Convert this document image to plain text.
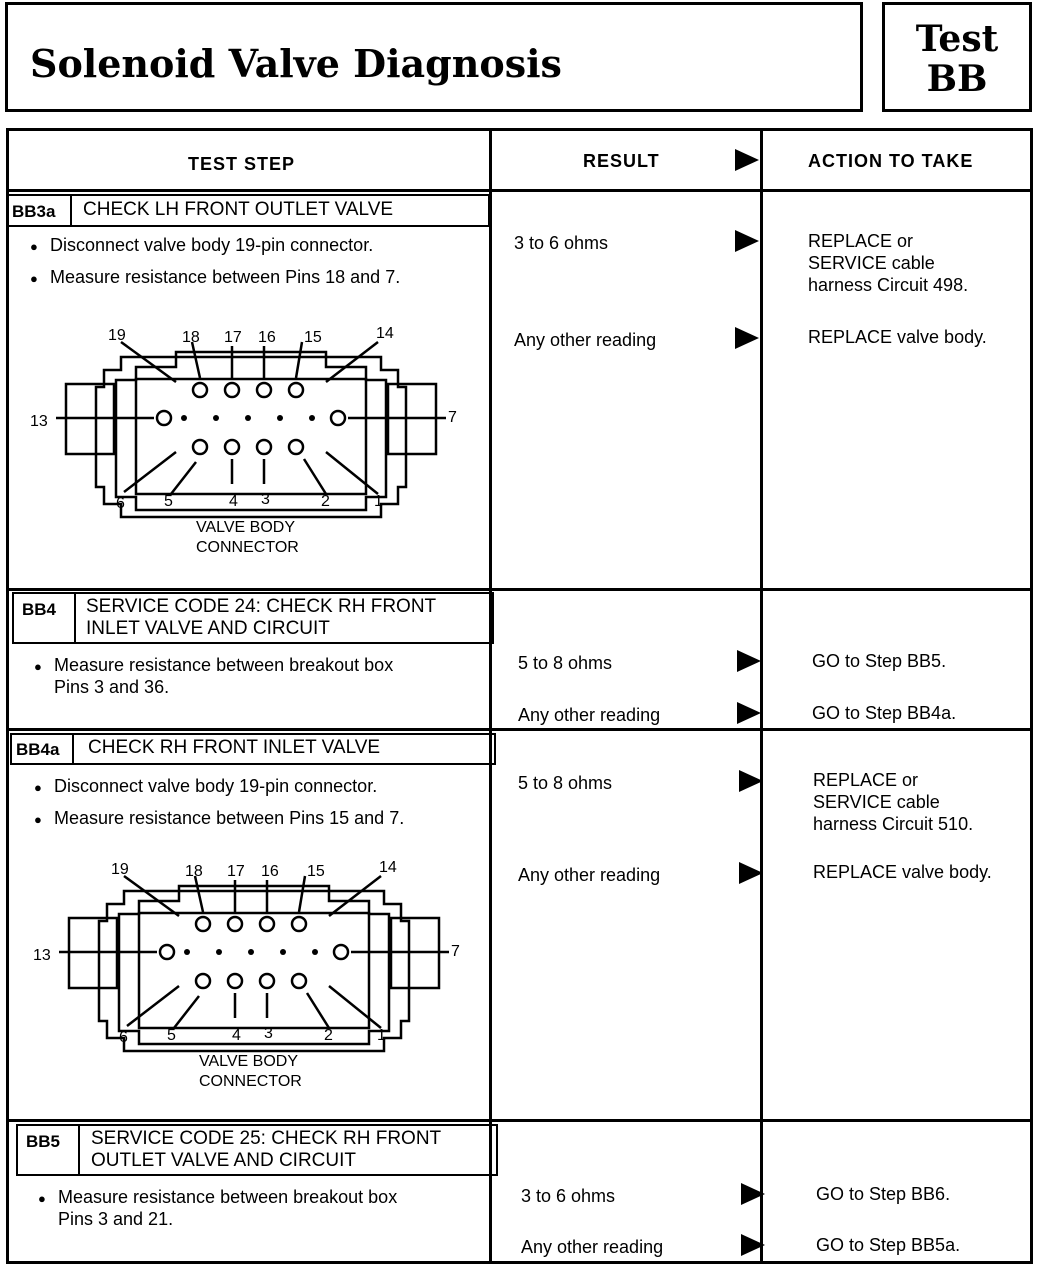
Solenoid Valve Diagnosis
Test
BB
TEST STEP	RESULT	ACTION TO TAKE
BB3a CHECK LH FRONT OUTLET VALVE
● Disconnect valve body 19-pin connector.
● Measure resistance between Pins 18 and 7.
19	18 17 16 15	14
13	7
6 5	4 3	2	1
VALVE BODY
CONNECTOR
3 to 6 ohms	REPLACE or
SERVICE cable
harness Circuit 498.
Any other reading	REPLACE valve body.
BB4 SERVICE CODE 24: CHECK RH FRONT
INLET VALVE AND CIRCUIT
● Measure resistance between breakout box
Pins 3 and 36.
5 to 8 ohms	GO to Step BB5.
Any other reading	GO to Step BB4a.
BB4a CHECK RH FRONT INLET VALVE
● Disconnect valve body 19-pin connector.
● Measure resistance between Pins 15 and 7.
19	18 17 16 15	14
13	7
6 5	4 3	2	1
VALVE BODY
CONNECTOR
5 to 8 ohms	REPLACE or
SERVICE cable
harness Circuit 510.
Any other reading	REPLACE valve body.
BB5 SERVICE CODE 25: CHECK RH FRONT
OUTLET VALVE AND CIRCUIT
● Measure resistance between breakout box
Pins 3 and 21.
3 to 6 ohms	GO to Step BB6.
Any other reading	GO to Step BB5a.
